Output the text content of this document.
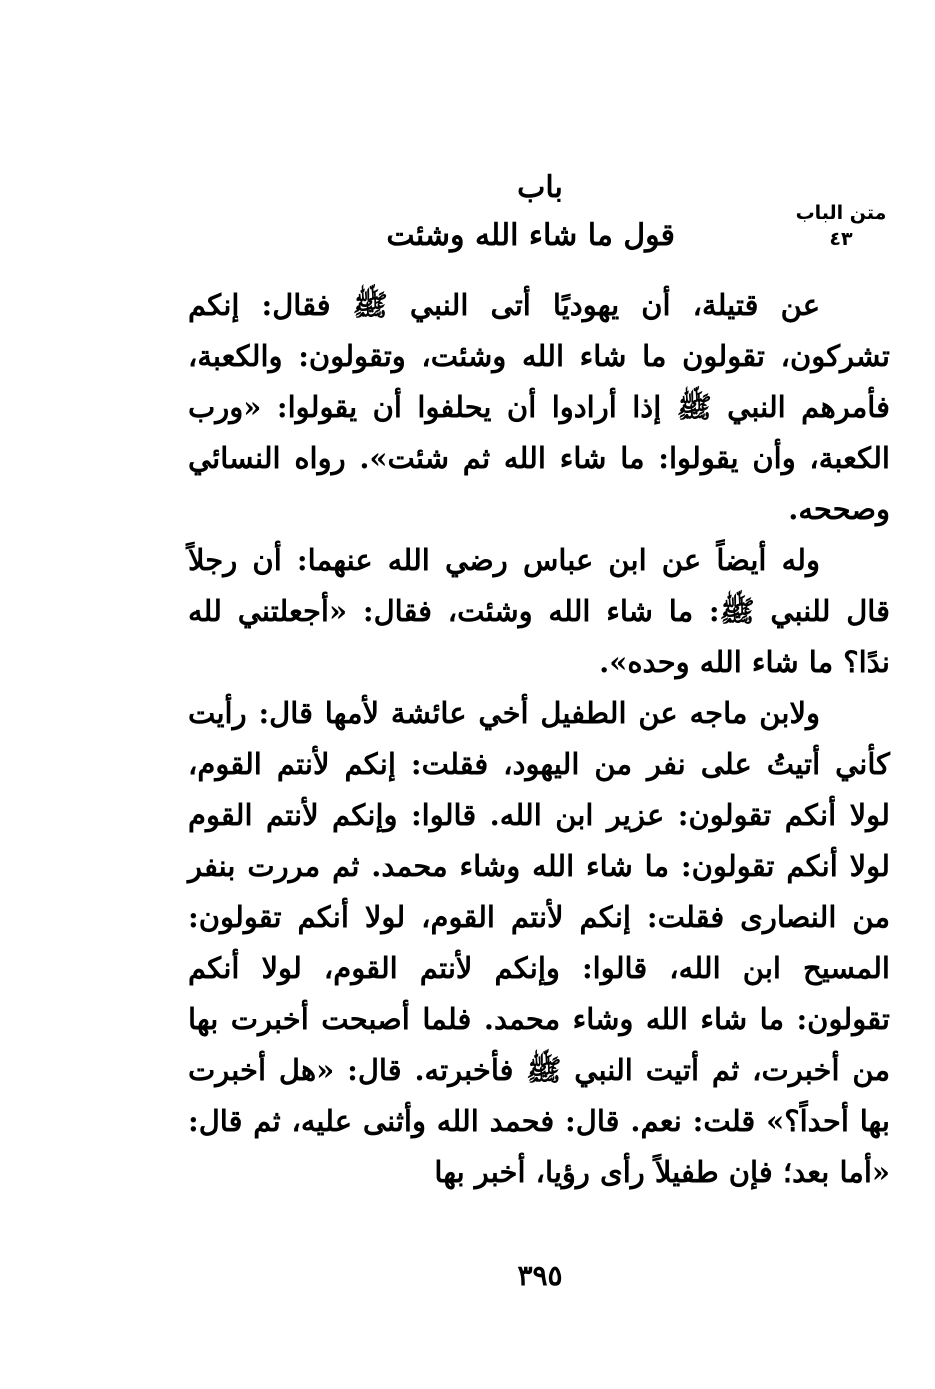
متن الباب
٤٣
باب
قول ما شاء الله وشئت

عن قتيلة، أن يهوديًا أتى النبي ﷺ فقال: إنكم تشركون، تقولون ما شاء الله وشئت، وتقولون: والكعبة، فأمرهم النبي ﷺ إذا أرادوا أن يحلفوا أن يقولوا: «ورب الكعبة، وأن يقولوا: ما شاء الله ثم شئت». رواه النسائي وصححه.

وله أيضاً عن ابن عباس رضي الله عنهما: أن رجلاً قال للنبي ﷺ: ما شاء الله وشئت، فقال: «أجعلتني لله ندًا؟ ما شاء الله وحده».

ولابن ماجه عن الطفيل أخي عائشة لأمها قال: رأيت كأني أتيتُ على نفر من اليهود، فقلت: إنكم لأنتم القوم، لولا أنكم تقولون: عزير ابن الله. قالوا: وإنكم لأنتم القوم لولا أنكم تقولون: ما شاء الله وشاء محمد. ثم مررت بنفر من النصارى فقلت: إنكم لأنتم القوم، لولا أنكم تقولون: المسيح ابن الله، قالوا: وإنكم لأنتم القوم، لولا أنكم تقولون: ما شاء الله وشاء محمد. فلما أصبحت أخبرت بها من أخبرت، ثم أتيت النبي ﷺ فأخبرته. قال: «هل أخبرت بها أحداً؟» قلت: نعم. قال: فحمد الله وأثنى عليه، ثم قال: «أما بعد؛ فإن طفيلاً رأى رؤيا، أخبر بها

٣٩٥
